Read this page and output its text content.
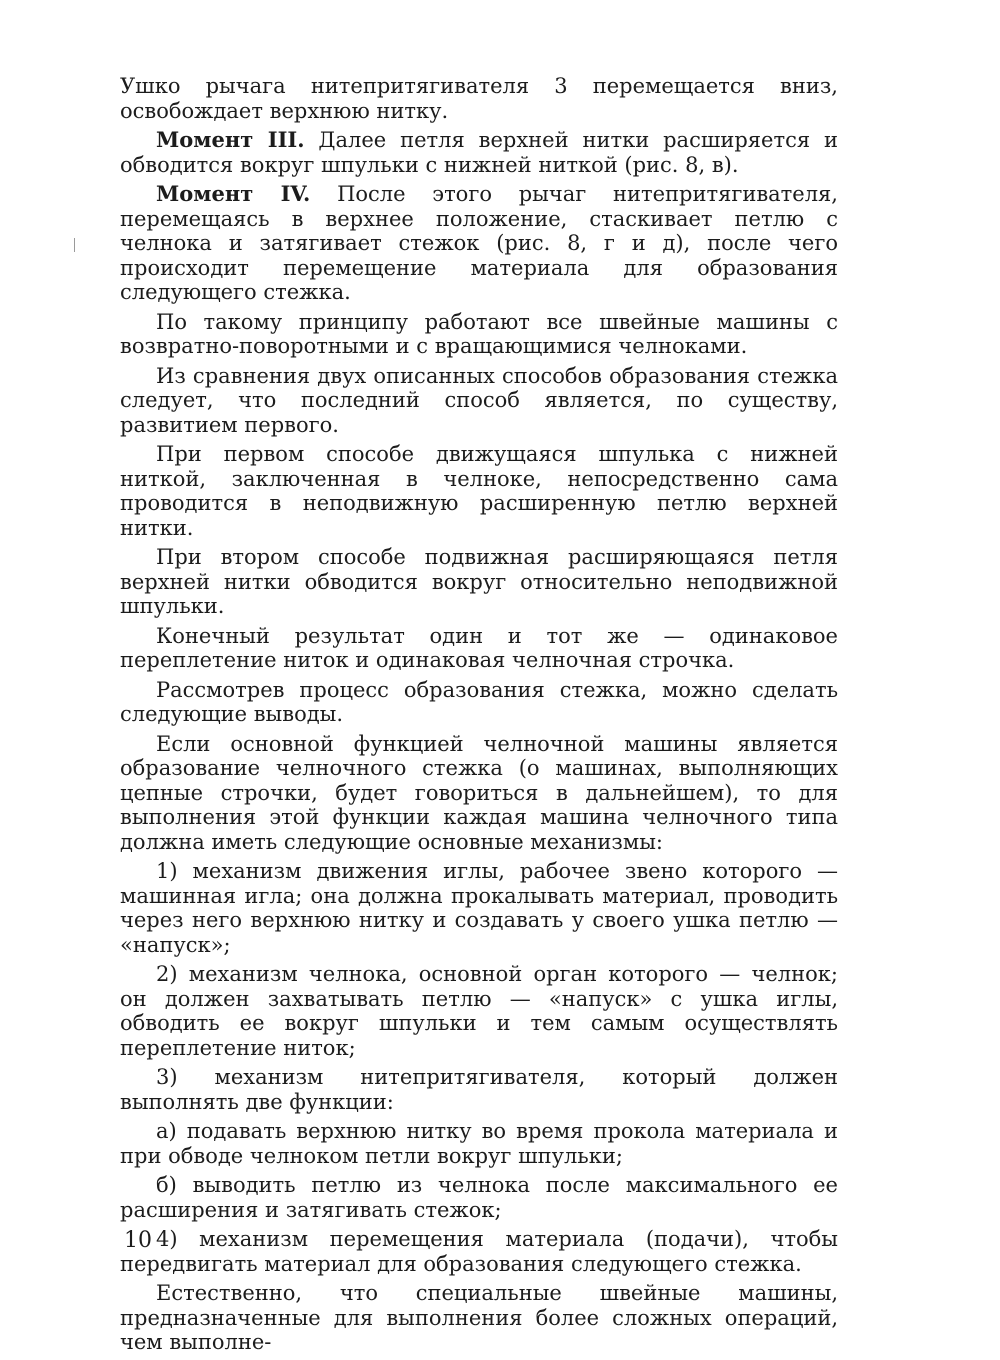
Ушко рычага нитепритягивателя 3 перемещается вниз, освобождает верхнюю нитку.

Момент III. Далее петля верхней нитки расширяется и обводится вокруг шпульки с нижней ниткой (рис. 8, в).

Момент IV. После этого рычаг нитепритягивателя, перемещаясь в верхнее положение, стаскивает петлю с челнока и затягивает стежок (рис. 8, г и д), после чего происходит перемещение материала для образования следующего стежка.

По такому принципу работают все швейные машины с возвратно-поворотными и с вращающимися челноками.

Из сравнения двух описанных способов образования стежка следует, что последний способ является, по существу, развитием первого.

При первом способе движущаяся шпулька с нижней ниткой, заключенная в челноке, непосредственно сама проводится в неподвижную расширенную петлю верхней нитки.

При втором способе подвижная расширяющаяся петля верхней нитки обводится вокруг относительно неподвижной шпульки.

Конечный результат один и тот же — одинаковое переплетение ниток и одинаковая челночная строчка.

Рассмотрев процесс образования стежка, можно сделать следующие выводы.

Если основной функцией челночной машины является образование челночного стежка (о машинах, выполняющих цепные строчки, будет говориться в дальнейшем), то для выполнения этой функции каждая машина челночного типа должна иметь следующие основные механизмы:

1) механизм движения иглы, рабочее звено которого — машинная игла; она должна прокалывать материал, проводить через него верхнюю нитку и создавать у своего ушка петлю — «напуск»;

2) механизм челнока, основной орган которого — челнок; он должен захватывать петлю — «напуск» с ушка иглы, обводить ее вокруг шпульки и тем самым осуществлять переплетение ниток;

3) механизм нитепритягивателя, который должен выполнять две функции:

а) подавать верхнюю нитку во время прокола материала и при обводе челноком петли вокруг шпульки;

б) выводить петлю из челнока после максимального ее расширения и затягивать стежок;

4) механизм перемещения материала (подачи), чтобы передвигать материал для образования следующего стежка.

Естественно, что специальные швейные машины, предназначенные для выполнения более сложных операций, чем выполне-

10
